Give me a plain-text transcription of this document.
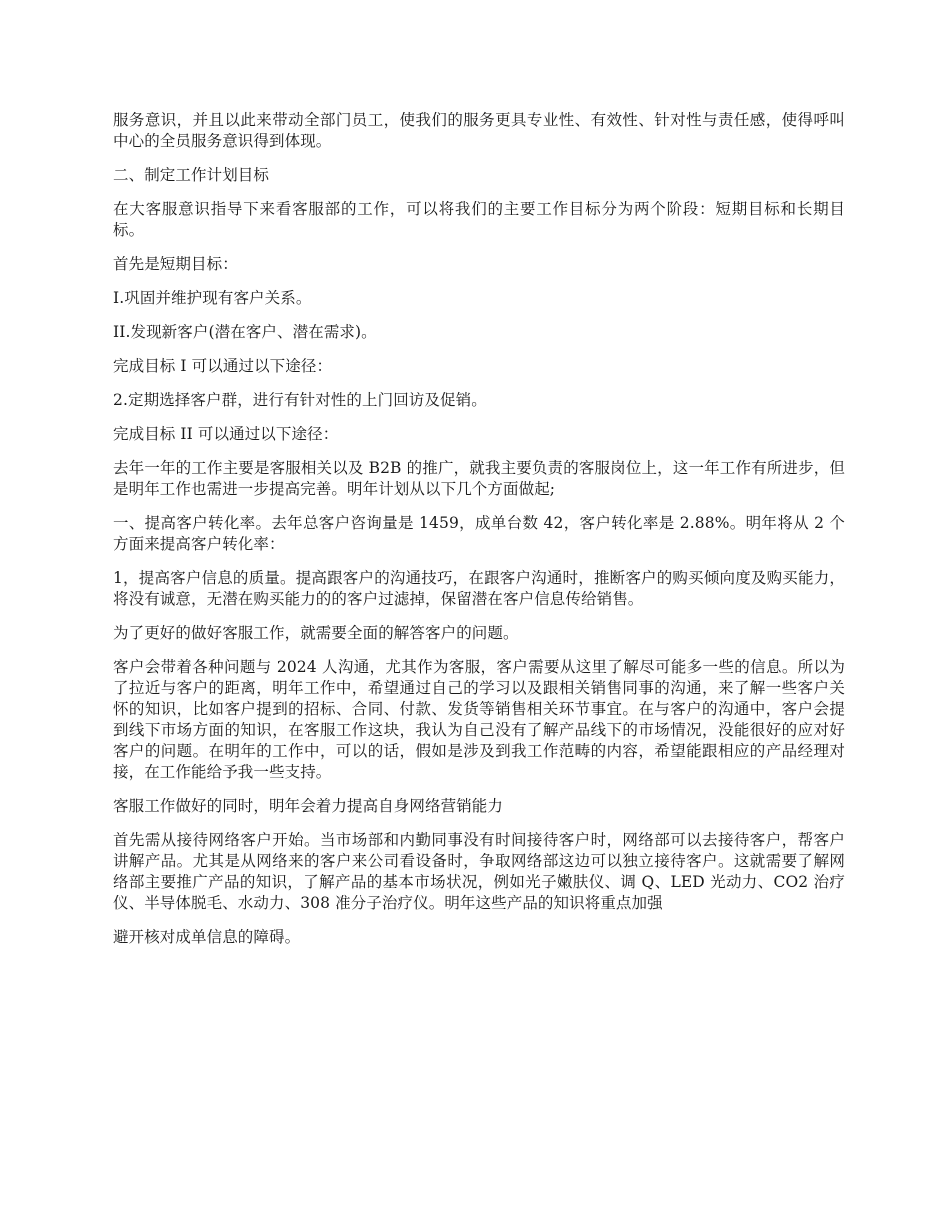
服务意识，并且以此来带动全部门员工，使我们的服务更具专业性、有效性、针对性与责任感，使得呼叫中心的全员服务意识得到体现。

二、制定工作计划目标

在大客服意识指导下来看客服部的工作，可以将我们的主要工作目标分为两个阶段：短期目标和长期目标。

首先是短期目标：

I.巩固并维护现有客户关系。

II.发现新客户(潜在客户、潜在需求)。

完成目标 I 可以通过以下途径：

2.定期选择客户群，进行有针对性的上门回访及促销。

完成目标 II 可以通过以下途径：

去年一年的工作主要是客服相关以及 B2B 的推广，就我主要负责的客服岗位上，这一年工作有所进步，但是明年工作也需进一步提高完善。明年计划从以下几个方面做起;

一、提高客户转化率。去年总客户咨询量是 1459，成单台数 42，客户转化率是 2.88%。明年将从 2 个方面来提高客户转化率：

1，提高客户信息的质量。提高跟客户的沟通技巧，在跟客户沟通时，推断客户的购买倾向度及购买能力，将没有诚意，无潜在购买能力的的客户过滤掉，保留潜在客户信息传给销售。

为了更好的做好客服工作，就需要全面的解答客户的问题。

客户会带着各种问题与 2024 人沟通，尤其作为客服，客户需要从这里了解尽可能多一些的信息。所以为了拉近与客户的距离，明年工作中，希望通过自己的学习以及跟相关销售同事的沟通，来了解一些客户关怀的知识，比如客户提到的招标、合同、付款、发货等销售相关环节事宜。在与客户的沟通中，客户会提到线下市场方面的知识，在客服工作这块，我认为自己没有了解产品线下的市场情况，没能很好的应对好客户的问题。在明年的工作中，可以的话，假如是涉及到我工作范畴的内容，希望能跟相应的产品经理对接，在工作能给予我一些支持。

客服工作做好的同时，明年会着力提高自身网络营销能力

首先需从接待网络客户开始。当市场部和内勤同事没有时间接待客户时，网络部可以去接待客户，帮客户讲解产品。尤其是从网络来的客户来公司看设备时，争取网络部这边可以独立接待客户。这就需要了解网络部主要推广产品的知识，了解产品的基本市场状况，例如光子嫩肤仪、调 Q、LED 光动力、CO2 治疗仪、半导体脱毛、水动力、308 准分子治疗仪。明年这些产品的知识将重点加强

避开核对成单信息的障碍。
